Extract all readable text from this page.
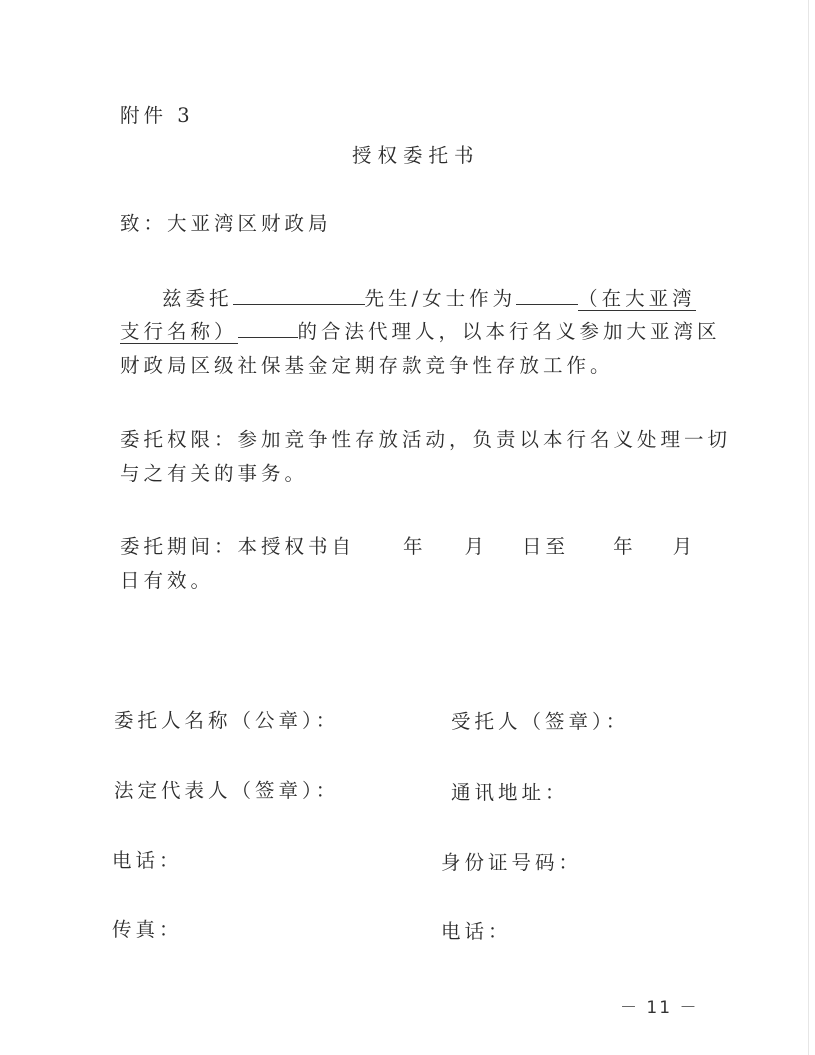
附件 3
授权委托书
致：大亚湾区财政局
兹委托	先生/女士作为	（在大亚湾
支行名称）	的合法代理人，以本行名义参加大亚湾区
财政局区级社保基金定期存款竞争性存放工作。
委托权限：参加竞争性存放活动，负责以本行名义处理一切
与之有关的事务。
委托期间：本授权书自 年 月 日至 年 月
日有效。
委托人名称（公章）：	受托人（签章）：
法定代表人（签章）：	通讯地址：
电话：	身份证号码：
传真：	电话：
－ 11 －
